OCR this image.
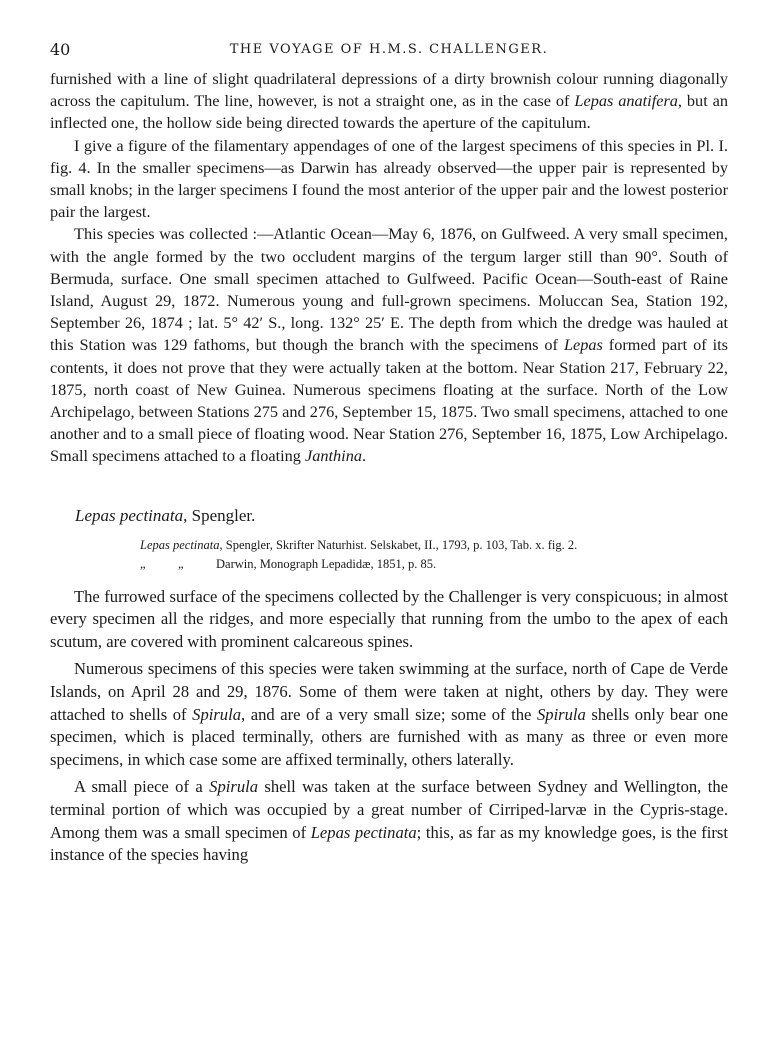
40	THE VOYAGE OF H.M.S. CHALLENGER.

furnished with a line of slight quadrilateral depressions of a dirty brownish colour running diagonally across the capitulum. The line, however, is not a straight one, as in the case of Lepas anatifera, but an inflected one, the hollow side being directed towards the aperture of the capitulum.

I give a figure of the filamentary appendages of one of the largest specimens of this species in Pl. I. fig. 4. In the smaller specimens—as Darwin has already observed—the upper pair is represented by small knobs; in the larger specimens I found the most anterior of the upper pair and the lowest posterior pair the largest.

This species was collected :—Atlantic Ocean—May 6, 1876, on Gulfweed. A very small specimen, with the angle formed by the two occludent margins of the tergum larger still than 90°. South of Bermuda, surface. One small specimen attached to Gulfweed. Pacific Ocean—South-east of Raine Island, August 29, 1872. Numerous young and full-grown specimens. Moluccan Sea, Station 192, September 26, 1874 ; lat. 5° 42′ S., long. 132° 25′ E. The depth from which the dredge was hauled at this Station was 129 fathoms, but though the branch with the specimens of Lepas formed part of its contents, it does not prove that they were actually taken at the bottom. Near Station 217, February 22, 1875, north coast of New Guinea. Numerous specimens floating at the surface. North of the Low Archipelago, between Stations 275 and 276, September 15, 1875. Two small specimens, attached to one another and to a small piece of floating wood. Near Station 276, September 16, 1875, Low Archipelago. Small specimens attached to a floating Janthina.

Lepas pectinata, Spengler.
Lepas pectinata, Spengler, Skrifter Naturhist. Selskabet, II., 1793, p. 103, Tab. x. fig. 2.
„	„	Darwin, Monograph Lepadidæ, 1851, p. 85.

The furrowed surface of the specimens collected by the Challenger is very conspicuous; in almost every specimen all the ridges, and more especially that running from the umbo to the apex of each scutum, are covered with prominent calcareous spines.

Numerous specimens of this species were taken swimming at the surface, north of Cape de Verde Islands, on April 28 and 29, 1876. Some of them were taken at night, others by day. They were attached to shells of Spirula, and are of a very small size; some of the Spirula shells only bear one specimen, which is placed terminally, others are furnished with as many as three or even more specimens, in which case some are affixed terminally, others laterally.

A small piece of a Spirula shell was taken at the surface between Sydney and Wellington, the terminal portion of which was occupied by a great number of Cirriped-larvæ in the Cypris-stage. Among them was a small specimen of Lepas pectinata; this, as far as my knowledge goes, is the first instance of the species having
